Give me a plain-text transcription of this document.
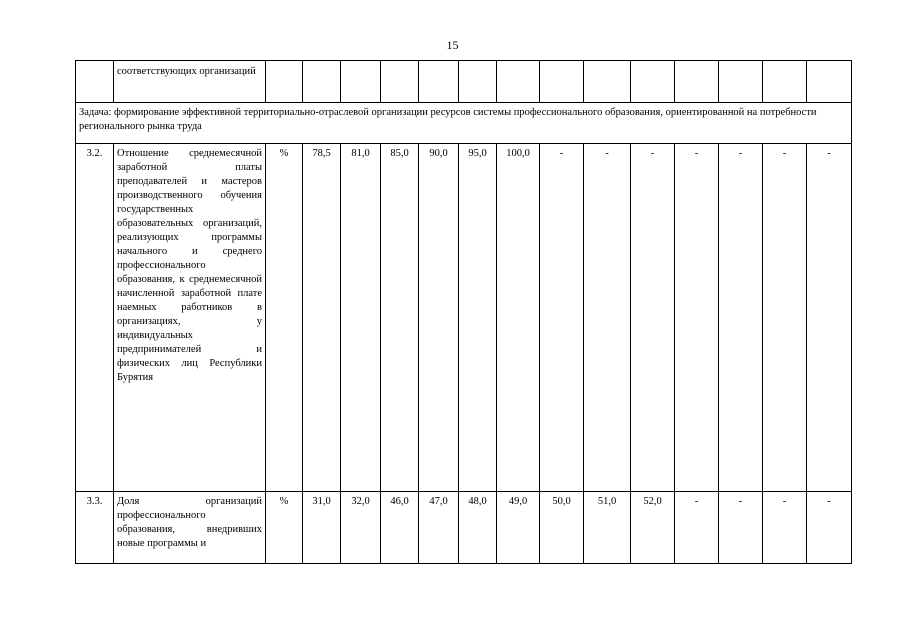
15
	соответствующих организаций														
Задача: формирование эффективной территориально-отраслевой организации ресурсов системы профессионального образования, ориентированной на потребности регионального рынка труда															
3.2.	Отношение среднемесячной заработной платы преподавателей и мастеров производственного обучения государственных образовательных организаций, реализующих программы начального и среднего профессионального образования, к среднемесячной начисленной заработной плате наемных работников в организациях, у индивидуальных предпринимателей и физических лиц Республики Бурятия	%	78,5	81,0	85,0	90,0	95,0	100,0	-	-	-	-	-	-	-
3.3.	Доля организаций профессионального образования, внедривших новые программы и	%	31,0	32,0	46,0	47,0	48,0	49,0	50,0	51,0	52,0	-	-	-	-
